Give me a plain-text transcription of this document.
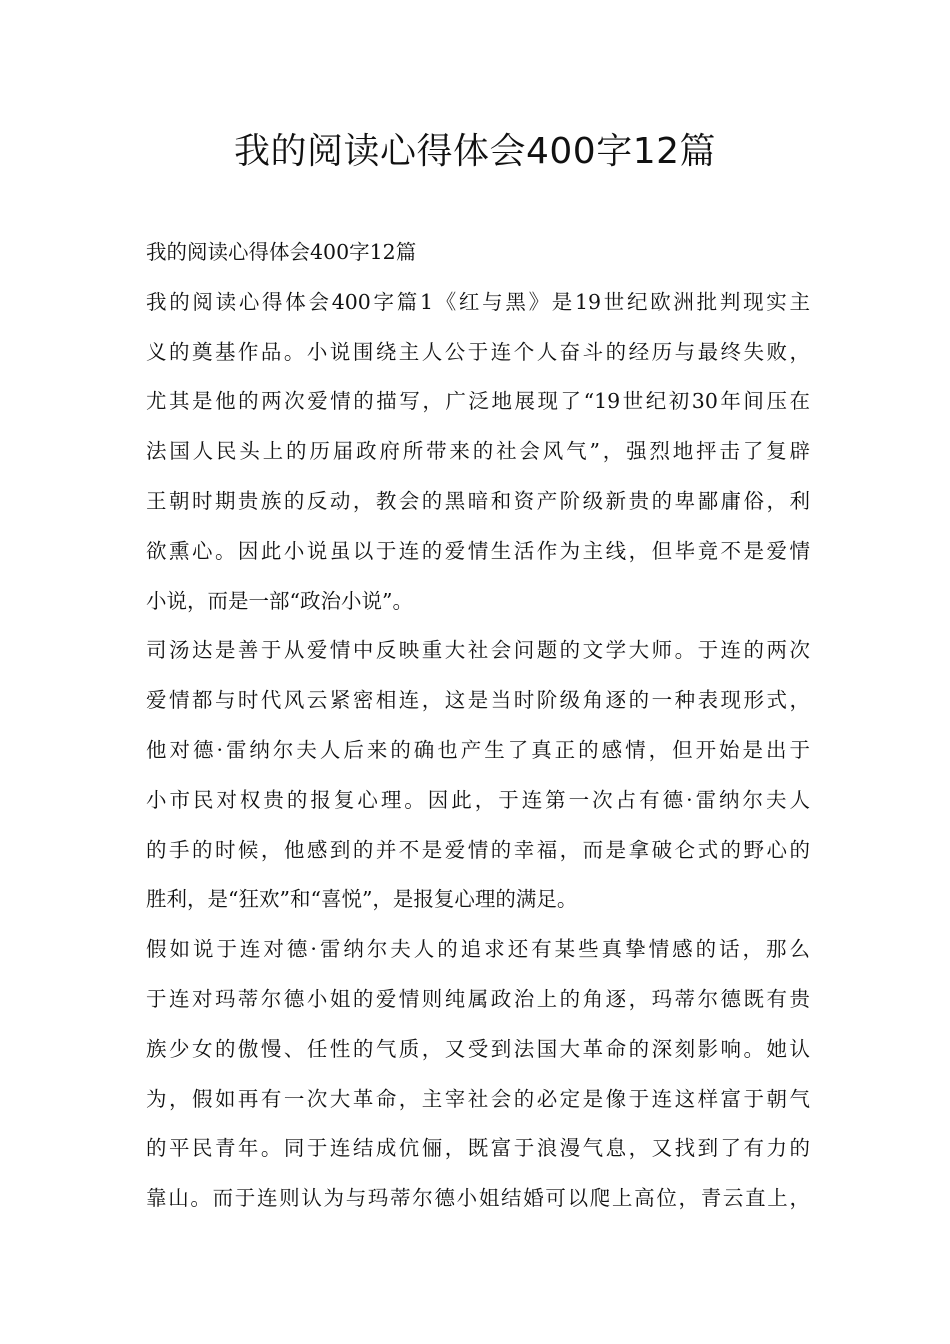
我的阅读心得体会400字12篇
我的阅读心得体会400字12篇
我的阅读心得体会400字篇1《红与黑》是19世纪欧洲批判现实主
义的奠基作品。小说围绕主人公于连个人奋斗的经历与最终失败，
尤其是他的两次爱情的描写，广泛地展现了“19世纪初30年间压在
法国人民头上的历届政府所带来的社会风气”，强烈地抨击了复辟
王朝时期贵族的反动，教会的黑暗和资产阶级新贵的卑鄙庸俗，利
欲熏心。因此小说虽以于连的爱情生活作为主线，但毕竟不是爱情
小说，而是一部“政治小说”。
司汤达是善于从爱情中反映重大社会问题的文学大师。于连的两次
爱情都与时代风云紧密相连，这是当时阶级角逐的一种表现形式，
他对德·雷纳尔夫人后来的确也产生了真正的感情，但开始是出于
小市民对权贵的报复心理。因此，于连第一次占有德·雷纳尔夫人
的手的时候，他感到的并不是爱情的幸福，而是拿破仑式的野心的
胜利，是“狂欢”和“喜悦”，是报复心理的满足。
假如说于连对德·雷纳尔夫人的追求还有某些真挚情感的话，那么
于连对玛蒂尔德小姐的爱情则纯属政治上的角逐，玛蒂尔德既有贵
族少女的傲慢、任性的气质，又受到法国大革命的深刻影响。她认
为，假如再有一次大革命，主宰社会的必定是像于连这样富于朝气
的平民青年。同于连结成伉俪，既富于浪漫气息，又找到了有力的
靠山。而于连则认为与玛蒂尔德小姐结婚可以爬上高位，青云直上，
